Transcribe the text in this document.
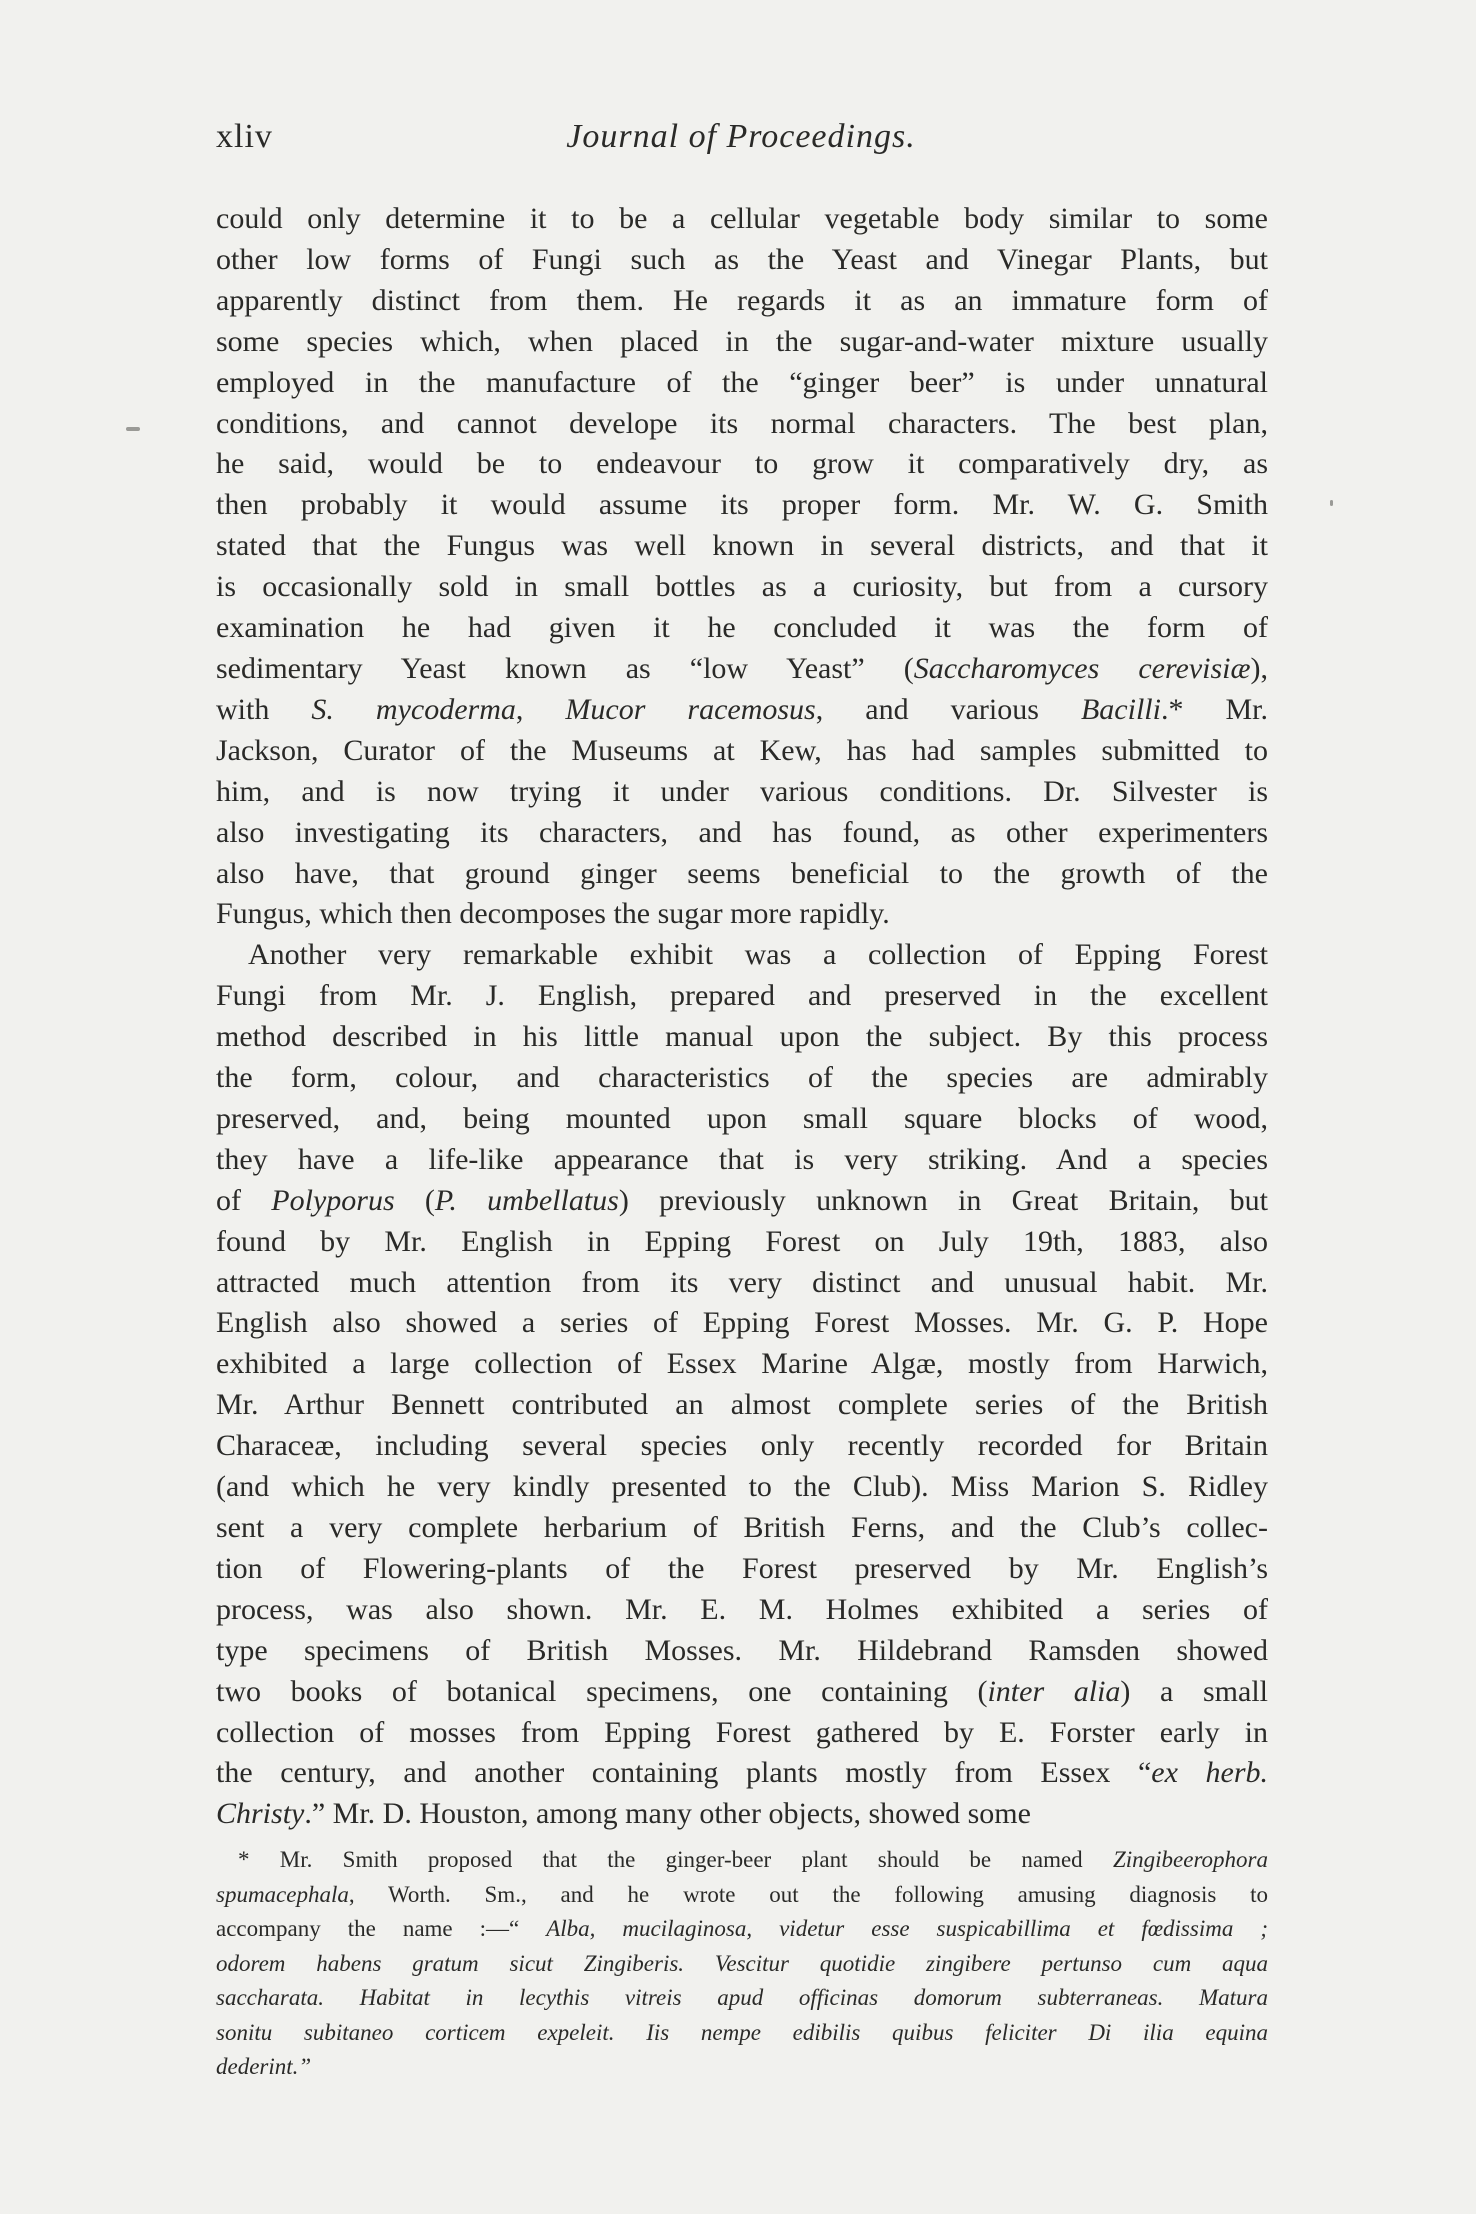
xliv	Journal of Proceedings.

could only determine it to be a cellular vegetable body similar to some

other low forms of Fungi such as the Yeast and Vinegar Plants, but

apparently distinct from them. He regards it as an immature form of

some species which, when placed in the sugar-and-water mixture usually

employed in the manufacture of the “ginger beer” is under unnatural

conditions, and cannot develope its normal characters. The best plan,

he said, would be to endeavour to grow it comparatively dry, as

then probably it would assume its proper form. Mr. W. G. Smith

stated that the Fungus was well known in several districts, and that it

is occasionally sold in small bottles as a curiosity, but from a cursory

examination he had given it he concluded it was the form of

sedimentary Yeast known as “low Yeast” (Saccharomyces cerevisiæ),

with S. mycoderma, Mucor racemosus, and various Bacilli.* Mr.

Jackson, Curator of the Museums at Kew, has had samples submitted to

him, and is now trying it under various conditions. Dr. Silvester is

also investigating its characters, and has found, as other experimenters

also have, that ground ginger seems beneficial to the growth of the

Fungus, which then decomposes the sugar more rapidly.

Another very remarkable exhibit was a collection of Epping Forest

Fungi from Mr. J. English, prepared and preserved in the excellent

method described in his little manual upon the subject. By this process

the form, colour, and characteristics of the species are admirably

preserved, and, being mounted upon small square blocks of wood,

they have a life-like appearance that is very striking. And a species

of Polyporus (P. umbellatus) previously unknown in Great Britain, but

found by Mr. English in Epping Forest on July 19th, 1883, also

attracted much attention from its very distinct and unusual habit. Mr.

English also showed a series of Epping Forest Mosses. Mr. G. P. Hope

exhibited a large collection of Essex Marine Algæ, mostly from Harwich,

Mr. Arthur Bennett contributed an almost complete series of the British

Characeæ, including several species only recently recorded for Britain

(and which he very kindly presented to the Club). Miss Marion S. Ridley

sent a very complete herbarium of British Ferns, and the Club’s collec-

tion of Flowering-plants of the Forest preserved by Mr. English’s

process, was also shown. Mr. E. M. Holmes exhibited a series of

type specimens of British Mosses. Mr. Hildebrand Ramsden showed

two books of botanical specimens, one containing (inter alia) a small

collection of mosses from Epping Forest gathered by E. Forster early in

the century, and another containing plants mostly from Essex “ex herb.

Christy.” Mr. D. Houston, among many other objects, showed some

* Mr. Smith proposed that the ginger-beer plant should be named Zingibeerophora

spumacephala, Worth. Sm., and he wrote out the following amusing diagnosis to

accompany the name :—“ Alba, mucilaginosa, videtur esse suspicabillima et fœdissima ;

odorem habens gratum sicut Zingiberis. Vescitur quotidie zingibere pertunso cum aqua

saccharata. Habitat in lecythis vitreis apud officinas domorum subterraneas. Matura

sonitu subitaneo corticem expeleit. Iis nempe edibilis quibus feliciter Di ilia equina

dederint.”
